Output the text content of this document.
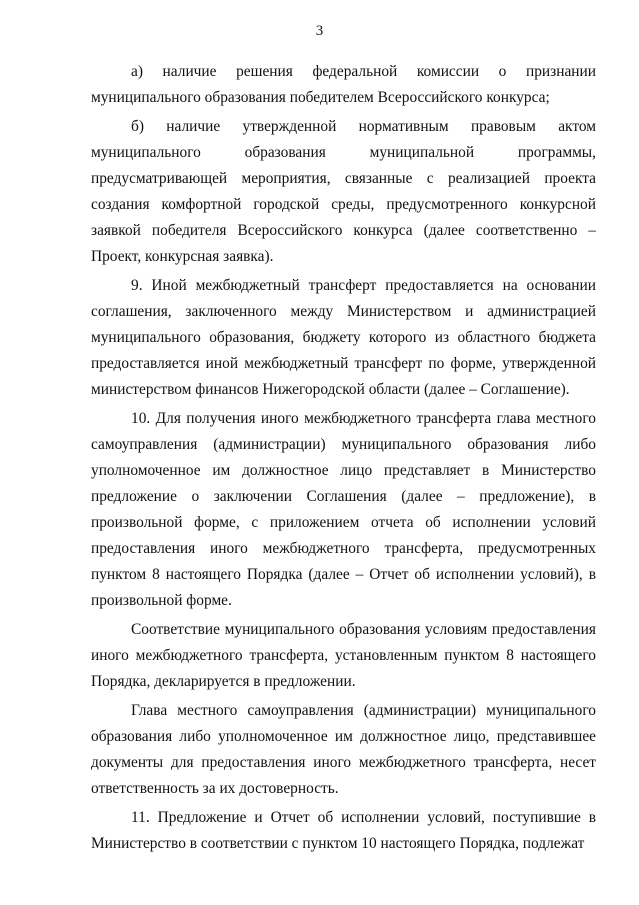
3

а) наличие решения федеральной комиссии о признании муниципального образования победителем Всероссийского конкурса;

б) наличие утвержденной нормативным правовым актом муниципального образования муниципальной программы, предусматривающей мероприятия, связанные с реализацией проекта создания комфортной городской среды, предусмотренного конкурсной заявкой победителя Всероссийского конкурса (далее соответственно – Проект, конкурсная заявка).

9. Иной межбюджетный трансферт предоставляется на основании соглашения, заключенного между Министерством и администрацией муниципального образования, бюджету которого из областного бюджета предоставляется иной межбюджетный трансферт по форме, утвержденной министерством финансов Нижегородской области (далее – Соглашение).

10. Для получения иного межбюджетного трансферта глава местного самоуправления (администрации) муниципального образования либо уполномоченное им должностное лицо представляет в Министерство предложение о заключении Соглашения (далее – предложение), в произвольной форме, с приложением отчета об исполнении условий предоставления иного межбюджетного трансферта, предусмотренных пунктом 8 настоящего Порядка (далее – Отчет об исполнении условий), в произвольной форме.

Соответствие муниципального образования условиям предоставления иного межбюджетного трансферта, установленным пунктом 8 настоящего Порядка, декларируется в предложении.

Глава местного самоуправления (администрации) муниципального образования либо уполномоченное им должностное лицо, представившее документы для предоставления иного межбюджетного трансферта, несет ответственность за их достоверность.

11. Предложение и Отчет об исполнении условий, поступившие в Министерство в соответствии с пунктом 10 настоящего Порядка, подлежат
